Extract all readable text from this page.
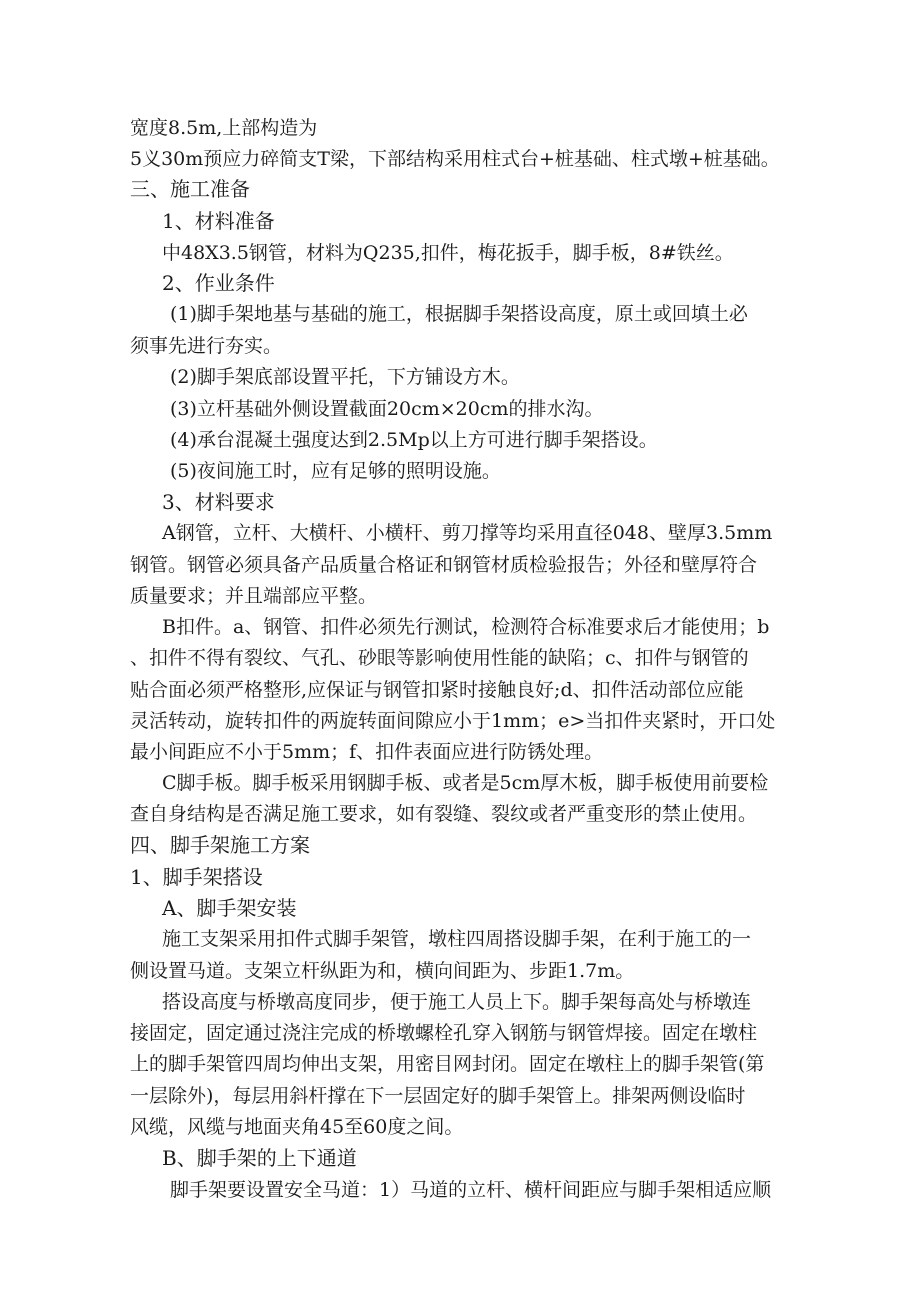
宽度8.5m,上部构造为
5义30m预应力碎简支T梁，下部结构采用柱式台+桩基础、柱式墩+桩基础。
三、施工准备
1、材料准备
中48X3.5钢管，材料为Q235,扣件，梅花扳手，脚手板，8#铁丝。
2、作业条件
(1)脚手架地基与基础的施工，根据脚手架搭设高度，原土或回填土必
须事先进行夯实。
(2)脚手架底部设置平托，下方铺设方木。
(3)立杆基础外侧设置截面20cm×20cm的排水沟。
(4)承台混凝土强度达到2.5Mp以上方可进行脚手架搭设。
(5)夜间施工时，应有足够的照明设施。
3、材料要求
A钢管，立杆、大横杆、小横杆、剪刀撑等均采用直径048、壁厚3.5mm
钢管。钢管必须具备产品质量合格证和钢管材质检验报告；外径和壁厚符合
质量要求；并且端部应平整。
B扣件。a、钢管、扣件必须先行测试，检测符合标准要求后才能使用；b
、扣件不得有裂纹、气孔、砂眼等影响使用性能的缺陷；c、扣件与钢管的
贴合面必须严格整形,应保证与钢管扣紧时接触良好;d、扣件活动部位应能
灵活转动，旋转扣件的两旋转面间隙应小于1mm；e>当扣件夹紧时，开口处
最小间距应不小于5mm；f、扣件表面应进行防锈处理。
C脚手板。脚手板采用钢脚手板、或者是5cm厚木板，脚手板使用前要检
查自身结构是否满足施工要求，如有裂缝、裂纹或者严重变形的禁止使用。
四、脚手架施工方案
1、脚手架搭设
A、脚手架安装
施工支架采用扣件式脚手架管，墩柱四周搭设脚手架，在利于施工的一
侧设置马道。支架立杆纵距为和，横向间距为、步距1.7m。
搭设高度与桥墩高度同步，便于施工人员上下。脚手架每高处与桥墩连
接固定，固定通过浇注完成的桥墩螺栓孔穿入钢筋与钢管焊接。固定在墩柱
上的脚手架管四周均伸出支架，用密目网封闭。固定在墩柱上的脚手架管(第
一层除外)，每层用斜杆撑在下一层固定好的脚手架管上。排架两侧设临时
风缆，风缆与地面夹角45至60度之间。
B、脚手架的上下通道
脚手架要设置安全马道：1）马道的立杆、横杆间距应与脚手架相适应顺
